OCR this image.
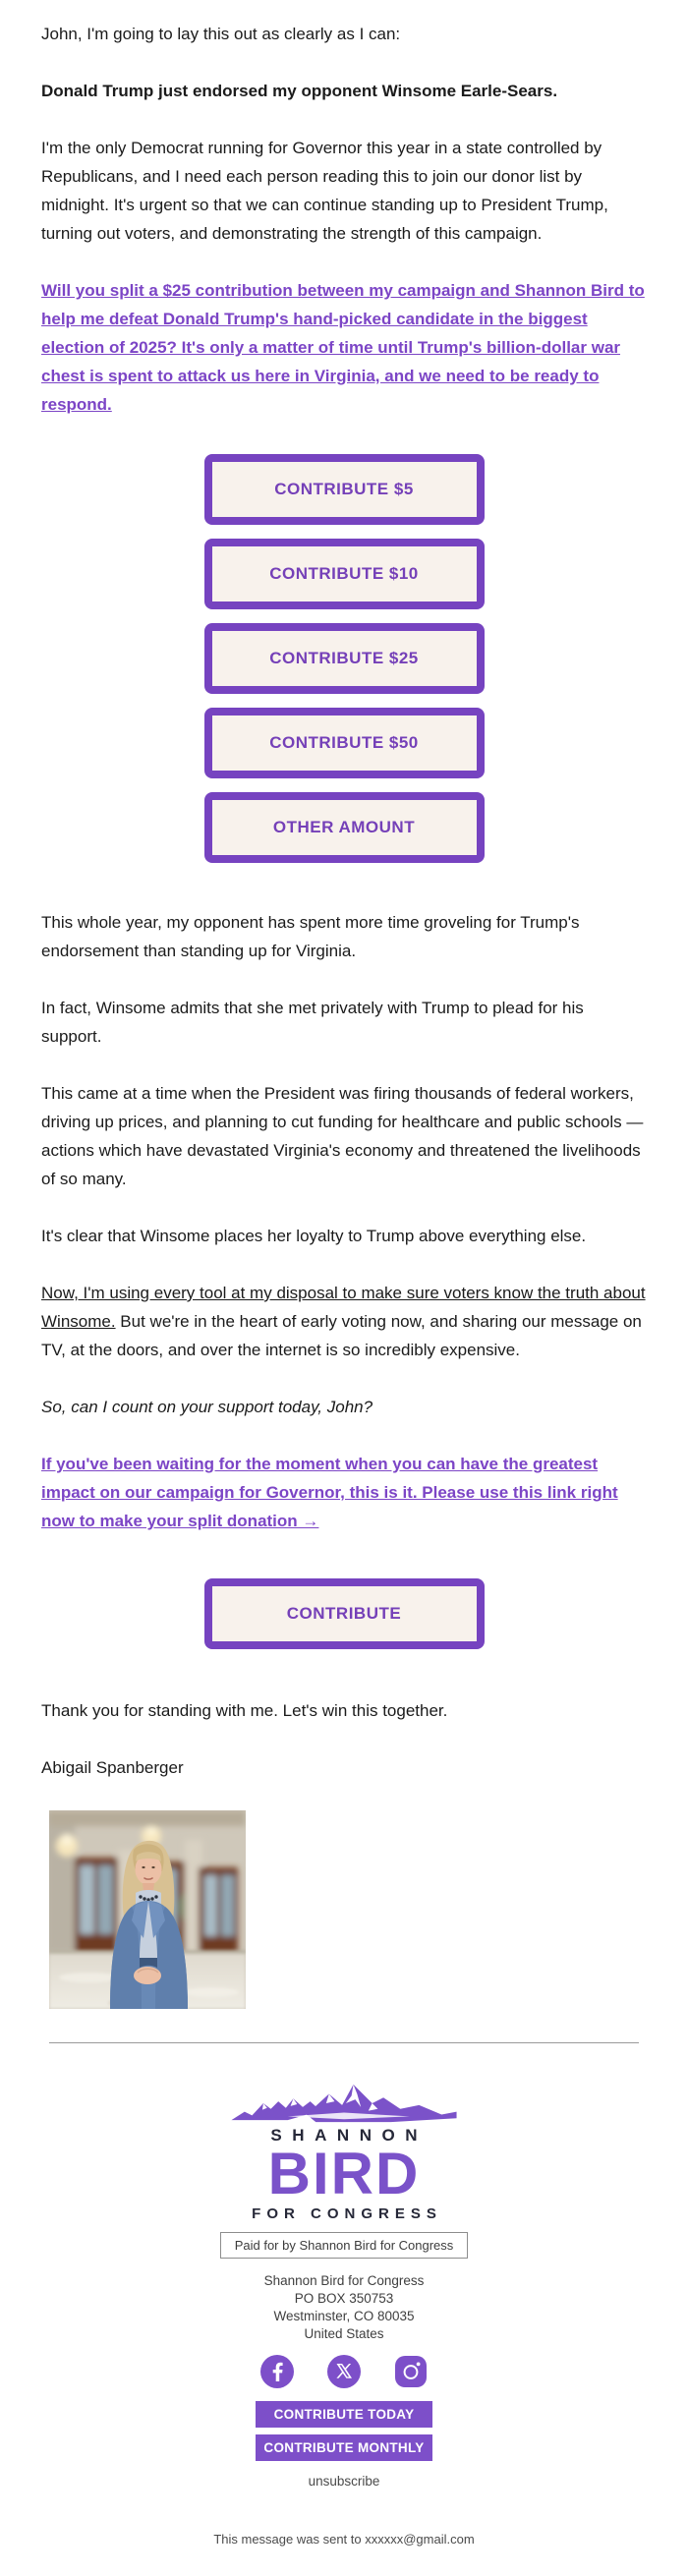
John, I'm going to lay this out as clearly as I can:

Donald Trump just endorsed my opponent Winsome Earle-Sears.

I'm the only Democrat running for Governor this year in a state controlled by Republicans, and I need each person reading this to join our donor list by midnight. It's urgent so that we can continue standing up to President Trump, turning out voters, and demonstrating the strength of this campaign.

Will you split a $25 contribution between my campaign and Shannon Bird to help me defeat Donald Trump's hand-picked candidate in the biggest election of 2025? It's only a matter of time until Trump's billion-dollar war chest is spent to attack us here in Virginia, and we need to be ready to respond.

CONTRIBUTE $5
CONTRIBUTE $10
CONTRIBUTE $25
CONTRIBUTE $50
OTHER AMOUNT

This whole year, my opponent has spent more time groveling for Trump's endorsement than standing up for Virginia.

In fact, Winsome admits that she met privately with Trump to plead for his support.

This came at a time when the President was firing thousands of federal workers, driving up prices, and planning to cut funding for healthcare and public schools — actions which have devastated Virginia's economy and threatened the livelihoods of so many.

It's clear that Winsome places her loyalty to Trump above everything else.

Now, I'm using every tool at my disposal to make sure voters know the truth about Winsome. But we're in the heart of early voting now, and sharing our message on TV, at the doors, and over the internet is so incredibly expensive.

So, can I count on your support today, John?

If you've been waiting for the moment when you can have the greatest impact on our campaign for Governor, this is it. Please use this link right now to make your split donation →

CONTRIBUTE

Thank you for standing with me. Let's win this together.

Abigail Spanberger

SHANNON
BIRD
FOR CONGRESS
Paid for by Shannon Bird for Congress
Shannon Bird for Congress
PO BOX 350753
Westminster, CO 80035
United States
CONTRIBUTE TODAY
CONTRIBUTE MONTHLY
unsubscribe
This message was sent to xxxxxx@gmail.com
